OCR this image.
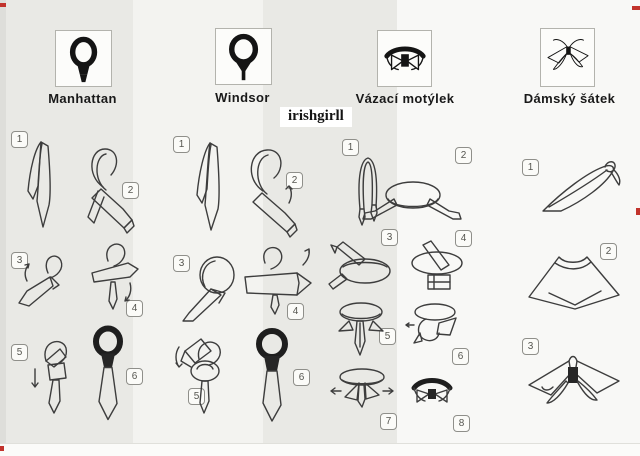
Manhattan	Windsor	Vázací motýlek	Dámský šátek
irishgirll
1
2
3
4
5
6
1
2
3
4
5
6
1
2
3	4
5
6
7	8
1
2
3
